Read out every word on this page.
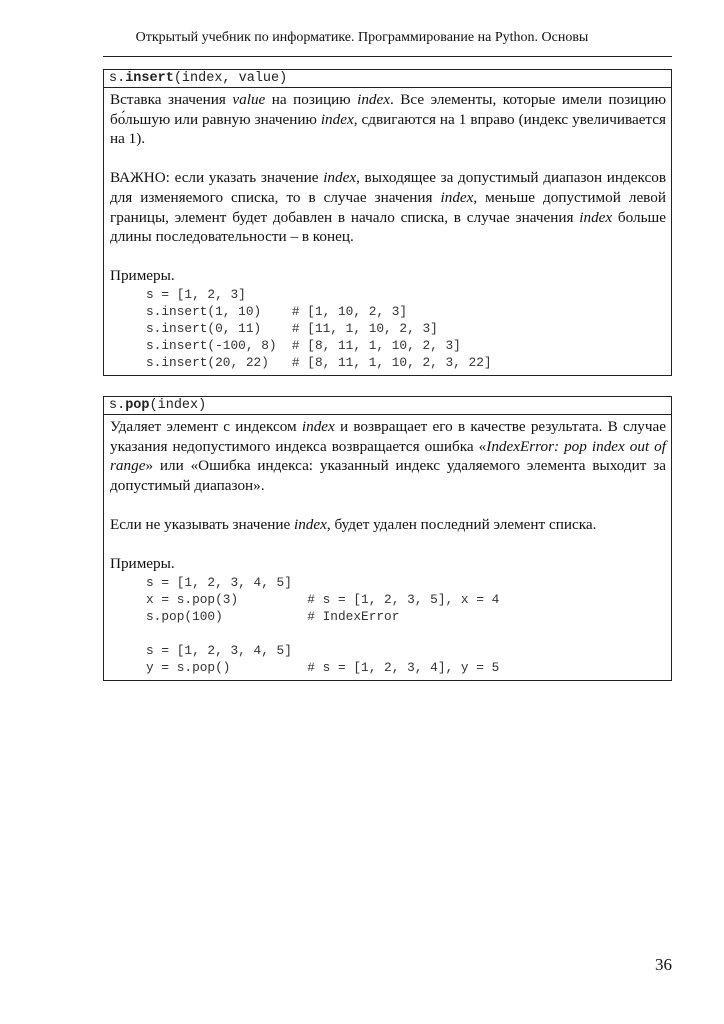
Открытый учебник по информатике. Программирование на Python. Основы
s.insert(index, value)

Вставка значения value на позицию index. Все элементы, которые имели позицию бо́льшую или равную значению index, сдвигаются на 1 вправо (индекс увеличивается на 1).

ВАЖНО: если указать значение index, выходящее за допустимый диапазон индексов для изменяемого списка, то в случае значения index, меньше допустимой левой границы, элемент будет добавлен в начало списка, в случае значения index больше длины последовательности – в конец.

Примеры.

s = [1, 2, 3]
s.insert(1, 10)    # [1, 10, 2, 3]
s.insert(0, 11)    # [11, 1, 10, 2, 3]
s.insert(-100, 8)  # [8, 11, 1, 10, 2, 3]
s.insert(20, 22)   # [8, 11, 1, 10, 2, 3, 22]
s.pop(index)

Удаляет элемент с индексом index и возвращает его в качестве результата. В случае указания недопустимого индекса возвращается ошибка «IndexError: pop index out of range» или «Ошибка индекса: указанный индекс удаляемого элемента выходит за допустимый диапазон».

Если не указывать значение index, будет удален последний элемент списка.

Примеры.

s = [1, 2, 3, 4, 5]
x = s.pop(3)         # s = [1, 2, 3, 5], x = 4
s.pop(100)           # IndexError
s = [1, 2, 3, 4, 5]
y = s.pop()          # s = [1, 2, 3, 4], y = 5
36
